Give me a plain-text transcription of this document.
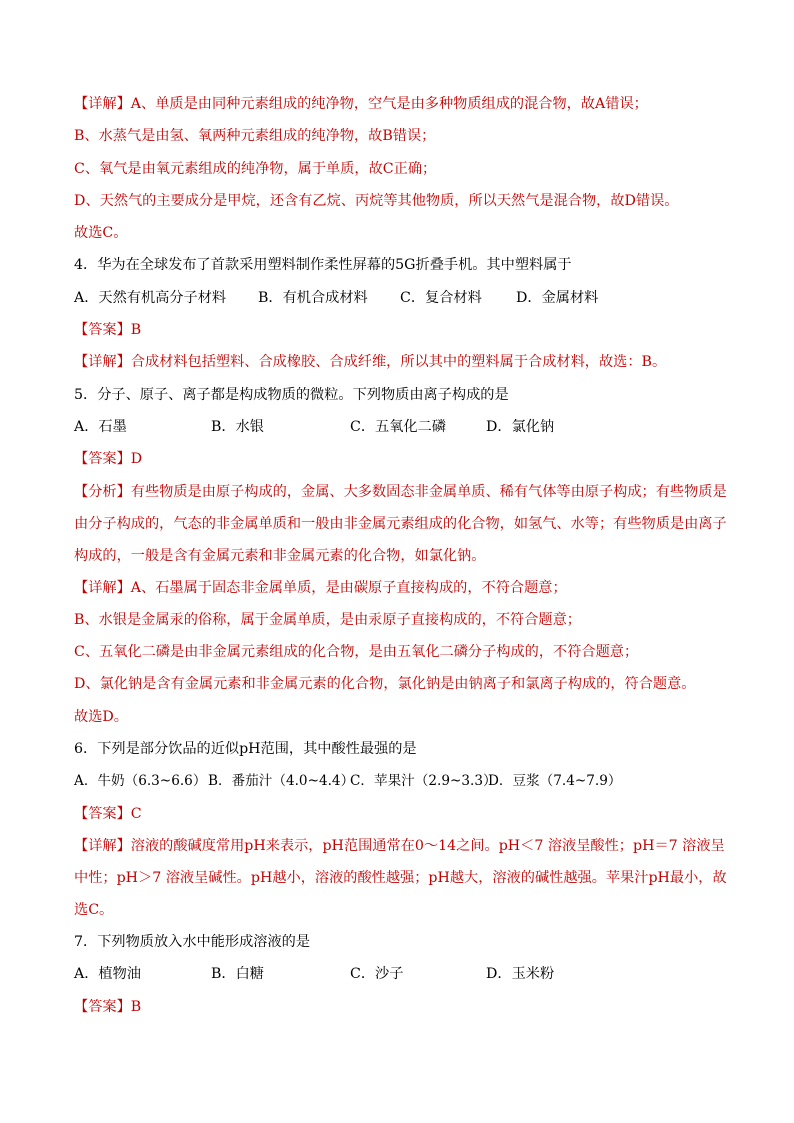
【详解】A、单质是由同种元素组成的纯净物，空气是由多种物质组成的混合物，故A错误；
B、水蒸气是由氢、氧两种元素组成的纯净物，故B错误；
C、氧气是由氧元素组成的纯净物，属于单质，故C正确；
D、天然气的主要成分是甲烷，还含有乙烷、丙烷等其他物质，所以天然气是混合物，故D错误。
故选C。
4．华为在全球发布了首款采用塑料制作柔性屏幕的5G折叠手机。其中塑料属于
A．天然有机高分子材料 B．有机合成材料 C．复合材料 D．金属材料
【答案】B
【详解】合成材料包括塑料、合成橡胶、合成纤维，所以其中的塑料属于合成材料，故选：B。
5．分子、原子、离子都是构成物质的微粒。下列物质由离子构成的是
A．石墨	B．水银	C．五氧化二磷	D．氯化钠
【答案】D
【分析】有些物质是由原子构成的，金属、大多数固态非金属单质、稀有气体等由原子构成；有些物质是由分子构成的，气态的非金属单质和一般由非金属元素组成的化合物，如氢气、水等；有些物质是由离子构成的，一般是含有金属元素和非金属元素的化合物，如氯化钠。
【详解】A、石墨属于固态非金属单质，是由碳原子直接构成的，不符合题意；
B、水银是金属汞的俗称，属于金属单质，是由汞原子直接构成的，不符合题意；
C、五氧化二磷是由非金属元素组成的化合物，是由五氧化二磷分子构成的，不符合题意；
D、氯化钠是含有金属元素和非金属元素的化合物，氯化钠是由钠离子和氯离子构成的，符合题意。
故选D。
6．下列是部分饮品的近似pH范围，其中酸性最强的是
A．牛奶（6.3~6.6） B．番茄汁（4.0~4.4）C．苹果汁（2.9~3.3）D．豆浆（7.4~7.9）
【答案】C
【详解】溶液的酸碱度常用pH来表示，pH范围通常在0～14之间。pH＜7 溶液呈酸性；pH＝7 溶液呈中性；pH＞7 溶液呈碱性。pH越小，溶液的酸性越强；pH越大，溶液的碱性越强。苹果汁pH最小，故选C。
7．下列物质放入水中能形成溶液的是
A．植物油	B．白糖	C．沙子	D．玉米粉
【答案】B
